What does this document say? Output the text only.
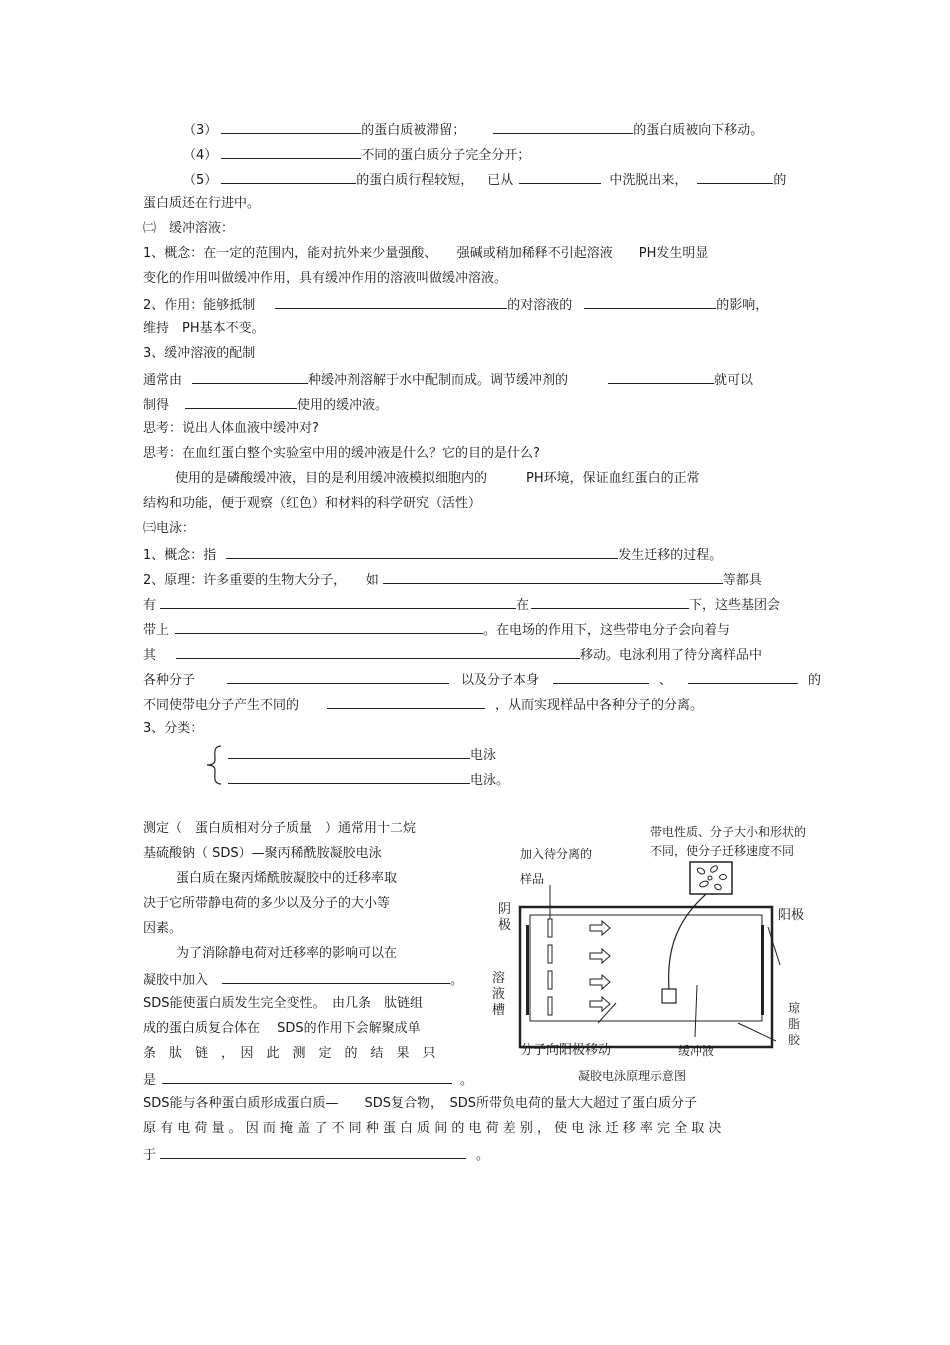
（3）	的蛋白质被滞留；	的蛋白质被向下移动。
（4）	不同的蛋白质分子完全分开；
（5）	的蛋白质行程较短， 已从	中洗脱出来，	的
蛋白质还在行进中。
㈡　缓冲溶液：
1、概念：在一定的范围内，能对抗外来少量强酸、　　强碱或稍加稀释不引起溶液　　PH发生明显
变化的作用叫做缓冲作用，具有缓冲作用的溶液叫做缓冲溶液。
2、作用：能够抵制	的对溶液的	的影响，
维持　PH基本不变。
3、缓冲溶液的配制
通常由	种缓冲剂溶解于水中配制而成。调节缓冲剂的	就可以
制得	使用的缓冲液。
思考：说出人体血液中缓冲对?
思考：在血红蛋白整个实验室中用的缓冲液是什么？它的目的是什么?
使用的是磷酸缓冲液，目的是利用缓冲液模拟细胞内的　　　PH环境，保证血红蛋白的正常
结构和功能，便于观察（红色）和材料的科学研究（活性）
㈢电泳：
1、概念：指	发生迁移的过程。
2、原理：许多重要的生物大分子，　　如	等都具
有	在	下，这些基团会
带上	。在电场的作用下，这些带电分子会向着与
其	移动。电泳利用了待分离样品中
各种分子	以及分子本身	、	的
不同使带电分子产生不同的	，从而实现样品中各种分子的分离。
3、分类：
电泳
电泳。
测定（　蛋白质相对分子质量　）通常用十二烷
基硫酸钠（ SDS）—聚丙稀酰胺凝胶电泳
蛋白质在聚丙烯酰胺凝胶中的迁移率取
决于它所带静电荷的多少以及分子的大小等
因素。
为了消除静电荷对迁移率的影响可以在
凝胶中加入	。
SDS能使蛋白质发生完全变性。　由几条　肽链组
成的蛋白质复合体在　 SDS的作用下会解聚成单
条　肽　链　，　因　此　测　定　的　结　果　只
是	。
SDS能与各种蛋白质形成蛋白质—　　SDS复合物，　SDS所带负电荷的量大大超过了蛋白质分子
原 有 电 荷 量 。 因 而 掩 盖 了 不 同 种 蛋 白 质 间 的 电 荷 差 别 ， 使 电 泳 迁 移 率 完 全 取 决
于	。
加入待分离的
样品
带电性质、分子大小和形状的
不同，使分子迁移速度不同
阴极
阳极
溶液槽	琼脂胶
分子向阳极移动	缓冲液
凝胶电泳原理示意图
